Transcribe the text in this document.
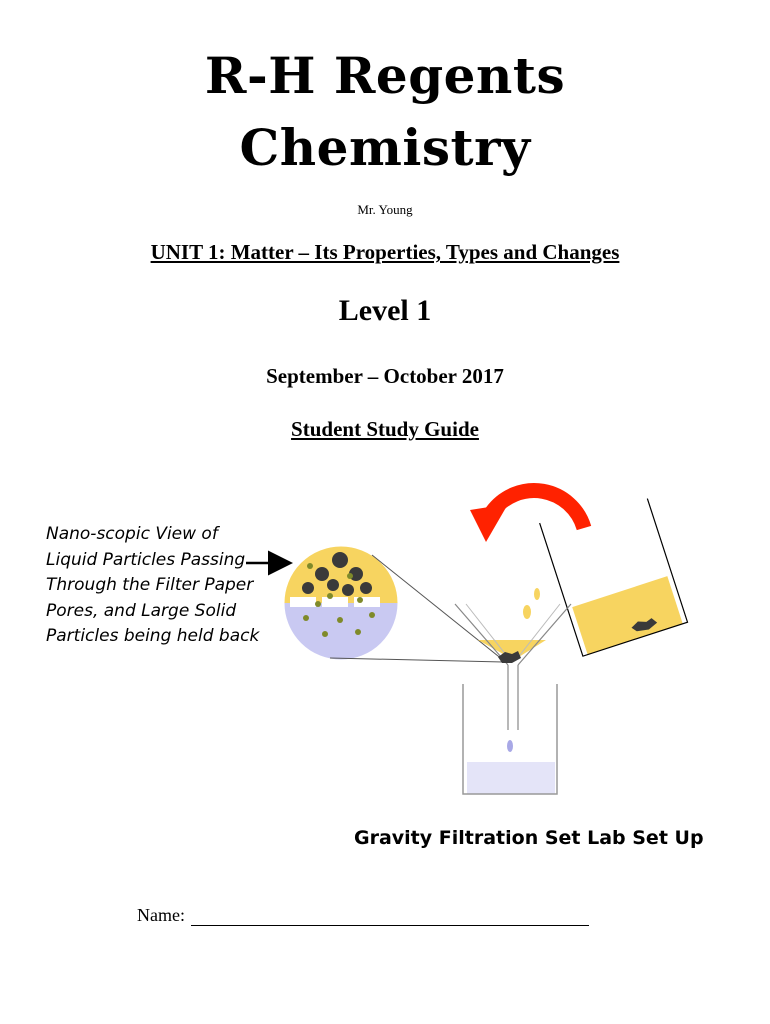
R-H Regents
Chemistry
Mr. Young
UNIT 1: Matter – Its Properties, Types and Changes
Level 1
September – October 2017
Student Study Guide
Nano-scopic View of
Liquid Particles Passing
Through the Filter Paper
Pores, and Large Solid
Particles being held back
Gravity Filtration Set Lab Set Up
Name:
